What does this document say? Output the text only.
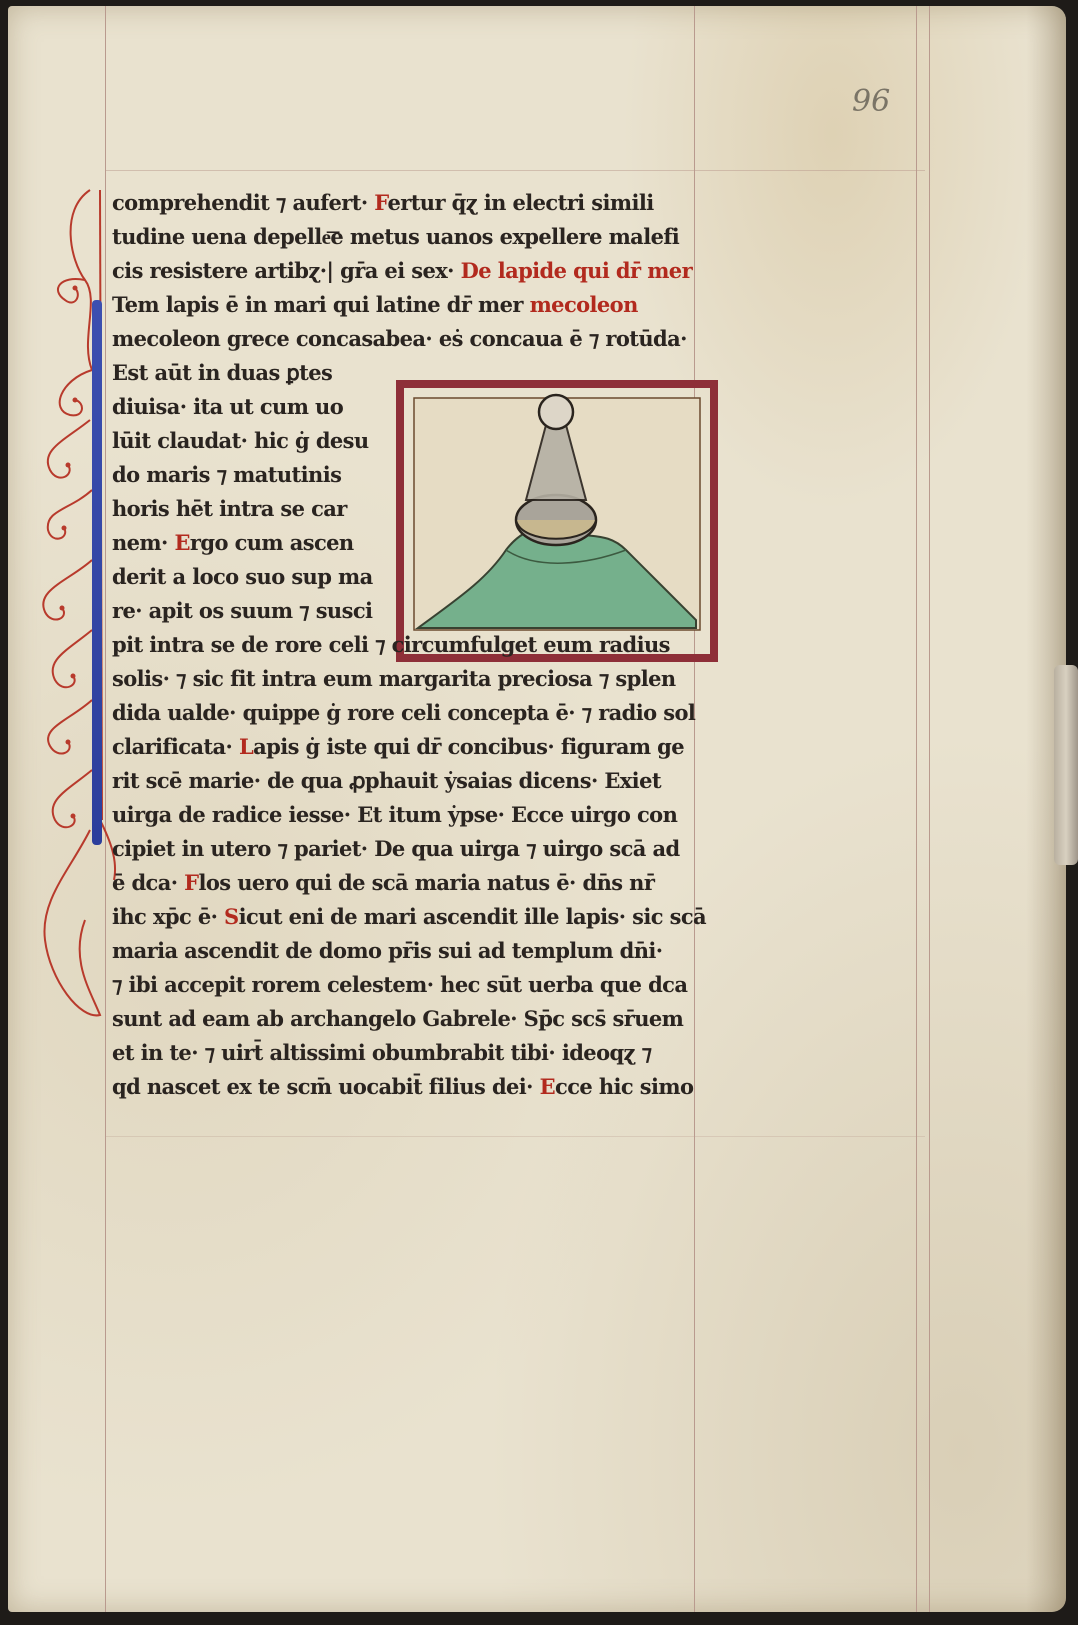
96
comprehendit ⁊ aufert· Fertur q̄ɀ in electri simili
tudine uena depelle͞e metus uanos expellere malefi
cis resistere artibɀ·| gr̄a ei sex· De lapide qui dr̄ mer
Tem lapis ē in mari qui latine dr̄ mer mecoleon
mecoleon grece concasabea· eṡ concaua ē ⁊ rotūda·
Est aūt in duas ꝑtes
diuisa· ita ut cum uo
lūit claudat· hic ġ desu
do maris ⁊ matutinis
horis hēt intra se car
nem· Ergo cum ascen
derit a loco suo sup ma
re· apit os suum ⁊ susci
pit intra se de rore celi ⁊ circumfulget eum radius
solis· ⁊ sic fit intra eum margarita preciosa ⁊ splen
dida ualde· quippe ġ rore celi concepta ē· ⁊ radio sol
clarificata· Lapis ġ iste qui dr̄ concibus· figuram ge
rit scē marie· de qua ꝓphauit ẏsaias dicens· Exiet
uirga de radice iesse· Et itum ẏpse· Ecce uirgo con
cipiet in utero ⁊ pariet· De qua uirga ⁊ uirgo scā ad
ē dca· Flos uero qui de scā maria natus ē· dn̄s nr̄
ihc xp̄c ē· Sicut eni de mari ascendit ille lapis· sic scā
maria ascendit de domo pr̄is sui ad templum dn̄i·
⁊ ibi accepit rorem celestem· hec sūt uerba que dca
sunt ad eam ab archangelo Gabrele· Sp̄c scs̄ sr̄uem
et in te· ⁊ uirt̄ altissimi obumbrabit tibi· ideoqɀ ⁊
qd nascet ex te scm̄ uocabit̄ filius dei· Ecce hic simo
